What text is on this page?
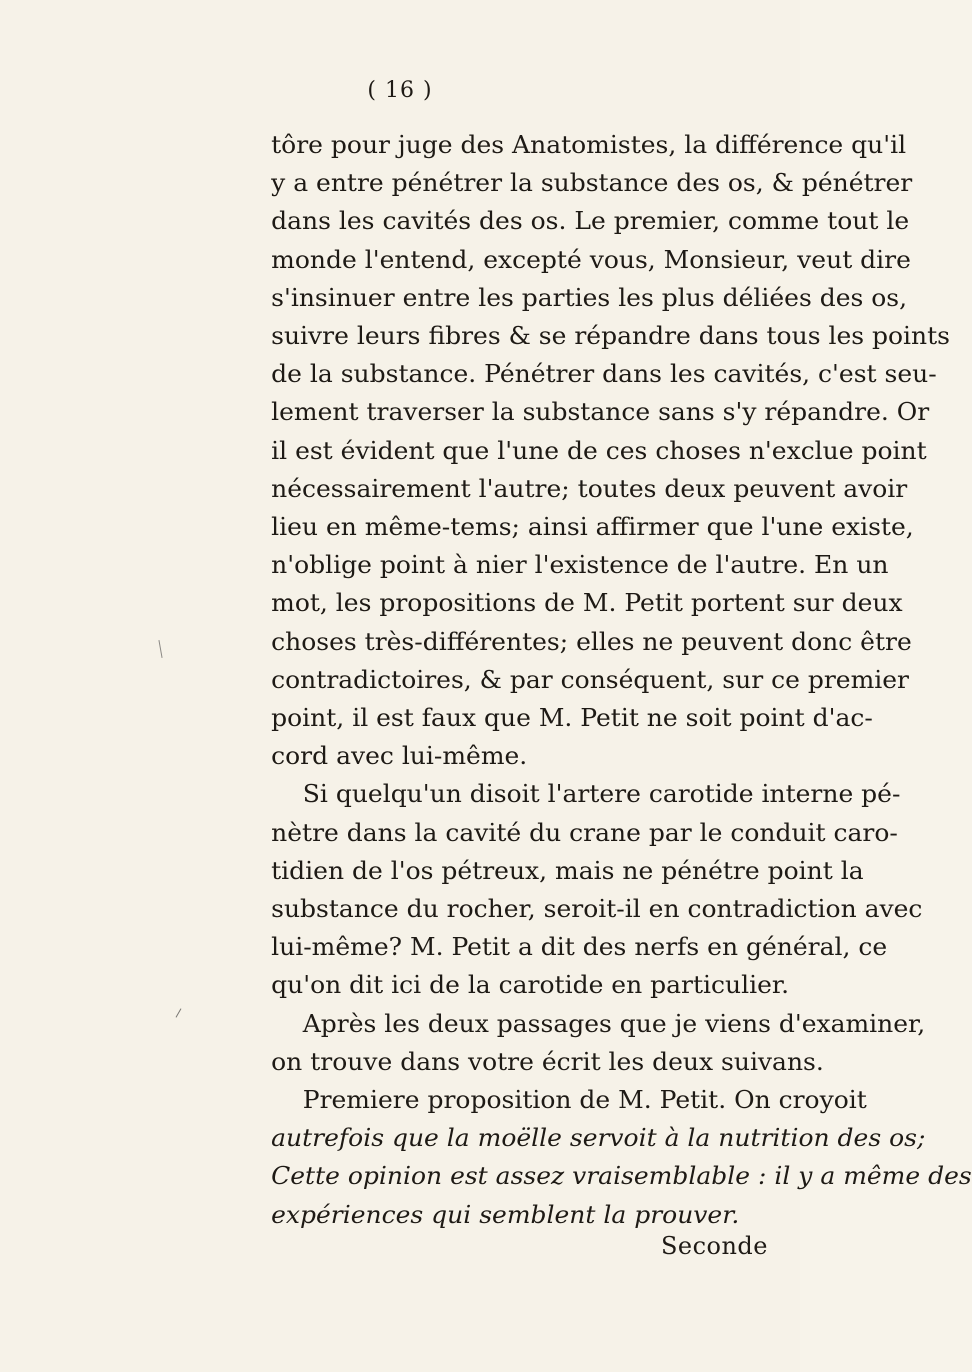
( 16 )

tôre pour juge des Anatomistes, la différence qu'il
y a entre pénétrer la substance des os, & pénétrer
dans les cavités des os. Le premier, comme tout le
monde l'entend, excepté vous, Monsieur, veut dire
s'insinuer entre les parties les plus déliées des os,
suivre leurs fibres & se répandre dans tous les points
de la substance. Pénétrer dans les cavités, c'est seu-
lement traverser la substance sans s'y répandre. Or
il est évident que l'une de ces choses n'exclue point
nécessairement l'autre; toutes deux peuvent avoir
lieu en même-tems; ainsi affirmer que l'une existe,
n'oblige point à nier l'existence de l'autre. En un
mot, les propositions de M. Petit portent sur deux
choses très-différentes; elles ne peuvent donc être
contradictoires, & par conséquent, sur ce premier
point, il est faux que M. Petit ne soit point d'ac-
cord avec lui-même.

Si quelqu'un disoit l'artere carotide interne pé-
nètre dans la cavité du crane par le conduit caro-
tidien de l'os pétreux, mais ne pénétre point la
substance du rocher, seroit-il en contradiction avec
lui-même? M. Petit a dit des nerfs en général, ce
qu'on dit ici de la carotide en particulier.

Après les deux passages que je viens d'examiner,
on trouve dans votre écrit les deux suivans.

Premiere proposition de M. Petit. On croyoit
autrefois que la moëlle servoit à la nutrition des os;
Cette opinion est assez vraisemblable : il y a même des
expériences qui semblent la prouver.

Seconde
